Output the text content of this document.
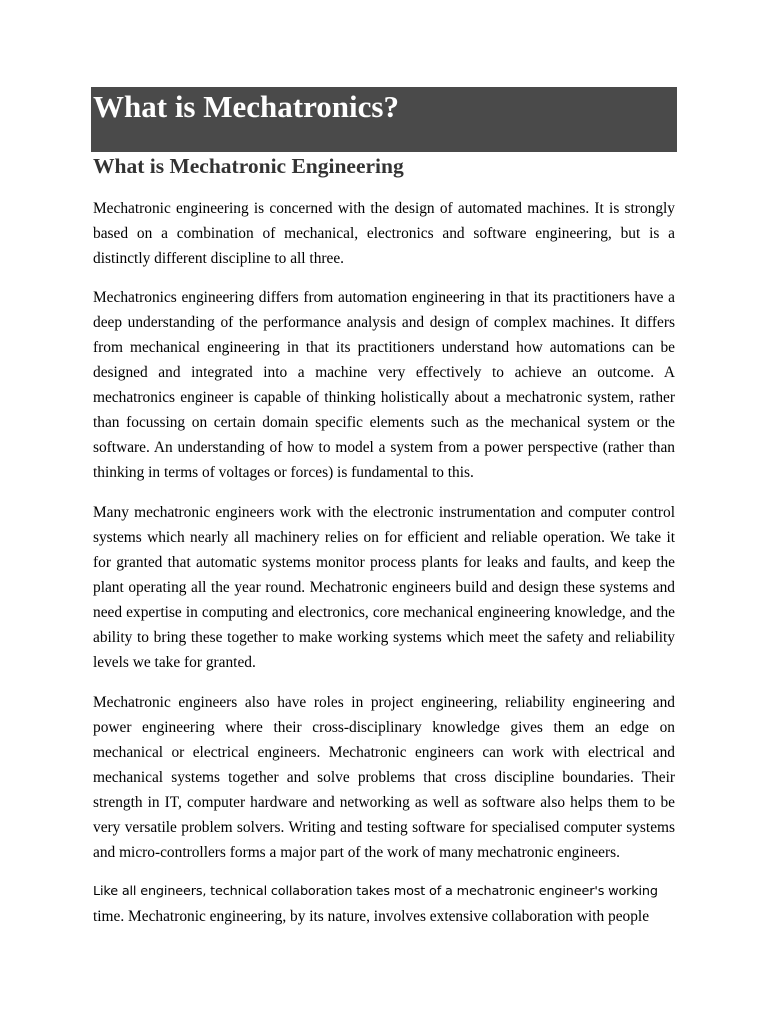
What is Mechatronics?
What is Mechatronic Engineering

Mechatronic engineering is concerned with the design of automated machines. It is strongly based on a combination of mechanical, electronics and software engineering, but is a distinctly different discipline to all three.

Mechatronics engineering differs from automation engineering in that its practitioners have a deep understanding of the performance analysis and design of complex machines. It differs from mechanical engineering in that its practitioners understand how automations can be designed and integrated into a machine very effectively to achieve an outcome. A mechatronics engineer is capable of thinking holistically about a mechatronic system, rather than focussing on certain domain specific elements such as the mechanical system or the software. An understanding of how to model a system from a power perspective (rather than thinking in terms of voltages or forces) is fundamental to this.

Many mechatronic engineers work with the electronic instrumentation and computer control systems which nearly all machinery relies on for efficient and reliable operation. We take it for granted that automatic systems monitor process plants for leaks and faults, and keep the plant operating all the year round. Mechatronic engineers build and design these systems and need expertise in computing and electronics, core mechanical engineering knowledge, and the ability to bring these together to make working systems which meet the safety and reliability levels we take for granted.

Mechatronic engineers also have roles in project engineering, reliability engineering and power engineering where their cross-disciplinary knowledge gives them an edge on mechanical or electrical engineers. Mechatronic engineers can work with electrical and mechanical systems together and solve problems that cross discipline boundaries. Their strength in IT, computer hardware and networking as well as software also helps them to be very versatile problem solvers. Writing and testing software for specialised computer systems and micro-controllers forms a major part of the work of many mechatronic engineers.

Like all engineers, technical collaboration takes most of a mechatronic engineer's working
time. Mechatronic engineering, by its nature, involves extensive collaboration with people
